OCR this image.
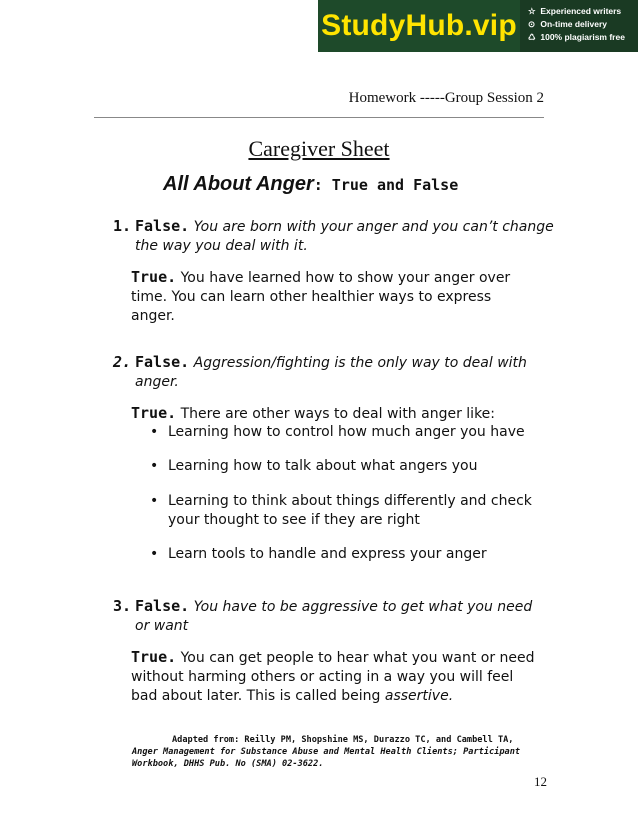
StudyHub.vip	☆ Experienced writers
⊙ On-time delivery
♺ 100% plagiarism free
Homework -----Group Session 2
Caregiver Sheet
All About Anger: True and False
1. False. You are born with your anger and you can’t change
the way you deal with it.
True. You have learned how to show your anger over
time. You can learn other healthier ways to express
anger.
2. False. Aggression/fighting is the only way to deal with
anger.
True. There are other ways to deal with anger like:
• Learning how to control how much anger you have
• Learning how to talk about what angers you
• Learning to think about things differently and check
your thought to see if they are right
• Learn tools to handle and express your anger
3. False. You have to be aggressive to get what you need
or want
True. You can get people to hear what you want or need
without harming others or acting in a way you will feel
bad about later. This is called being assertive.
Adapted from: Reilly PM, Shopshine MS, Durazzo TC, and Cambell TA, Anger Management for Substance Abuse and Mental Health Clients; Participant Workbook, DHHS Pub. No (SMA) 02-3622.
12
